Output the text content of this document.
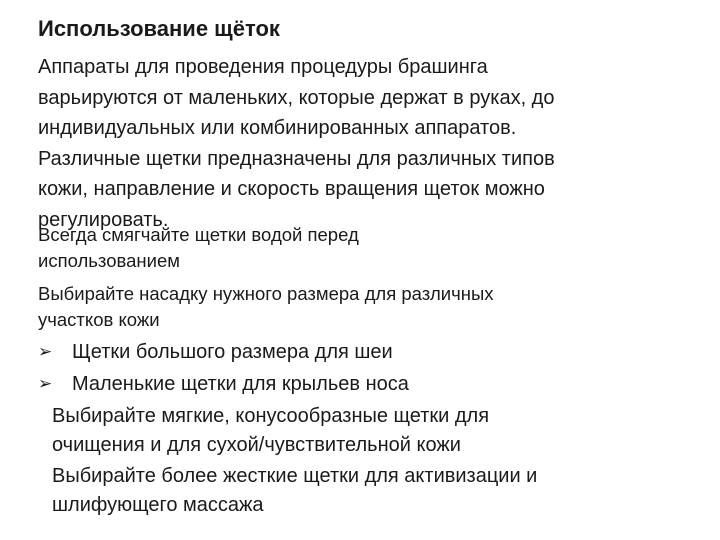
Использование щёток
Аппараты для проведения процедуры брашинга
варьируются от маленьких, которые держат в руках, до
индивидуальных или комбинированных аппаратов.
Различные щетки предназначены для различных типов
кожи, направление и скорость вращения щеток можно
регулировать.
Всегда смягчайте щетки водой перед
использованием
Выбирайте насадку нужного размера для различных
участков кожи
➢ Щетки большого размера для шеи
➢ Маленькие щетки для крыльев носа
Выбирайте мягкие, конусообразные щетки для
очищения и для сухой/чувствительной кожи
Выбирайте более жесткие щетки для активизации и
шлифующего массажа
